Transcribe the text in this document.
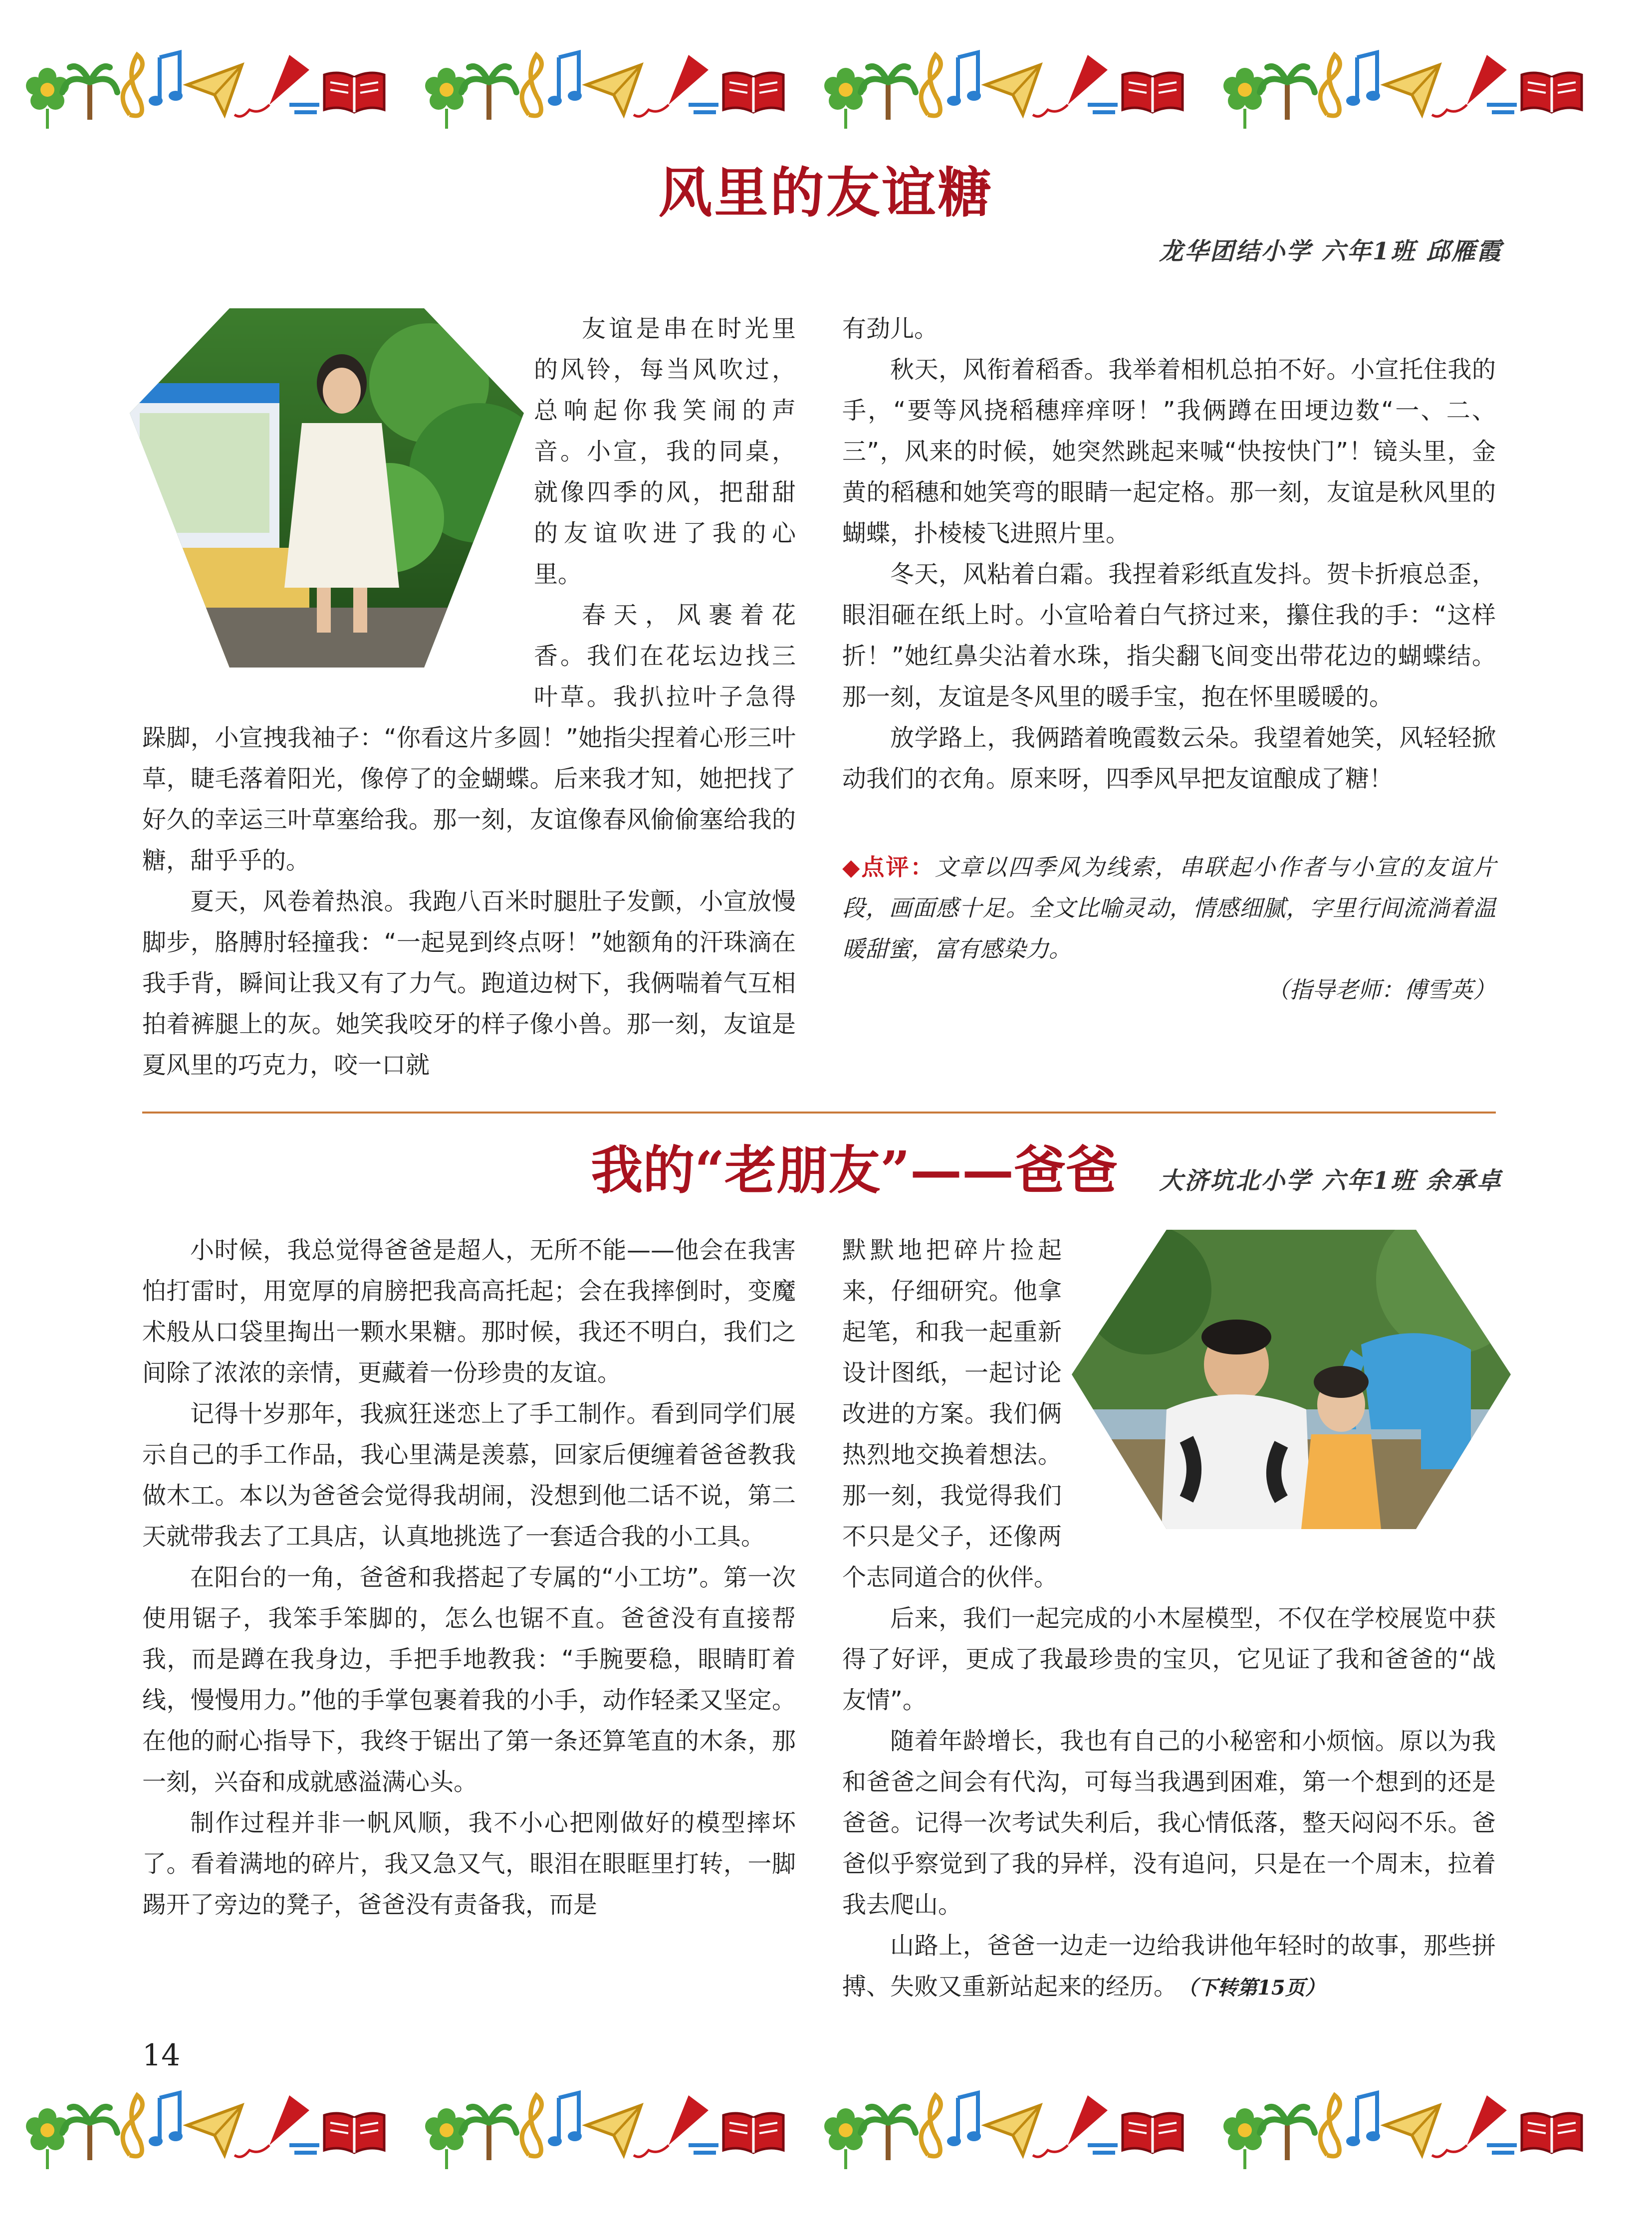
风里的友谊糖
龙华团结小学 六年1班 邱雁霞

友谊是串在时光里的风铃，每当风吹过，总响起你我笑闹的声音。小宣，我的同桌，就像四季的风，把甜甜的友谊吹进了我的心里。

春天，风裹着花香。我们在花坛边找三叶草。我扒拉叶子急得跺脚，小宣拽我袖子：“你看这片多圆！”她指尖捏着心形三叶草，睫毛落着阳光，像停了的金蝴蝶。后来我才知，她把找了好久的幸运三叶草塞给我。那一刻，友谊像春风偷偷塞给我的糖，甜乎乎的。

夏天，风卷着热浪。我跑八百米时腿肚子发颤，小宣放慢脚步，胳膊肘轻撞我：“一起晃到终点呀！”她额角的汗珠滴在我手背，瞬间让我又有了力气。跑道边树下，我俩喘着气互相拍着裤腿上的灰。她笑我咬牙的样子像小兽。那一刻，友谊是夏风里的巧克力，咬一口就

有劲儿。

秋天，风衔着稻香。我举着相机总拍不好。小宣托住我的手，“要等风挠稻穗痒痒呀！”我俩蹲在田埂边数“一、二、三”，风来的时候，她突然跳起来喊“快按快门”！镜头里，金黄的稻穗和她笑弯的眼睛一起定格。那一刻，友谊是秋风里的蝴蝶，扑棱棱飞进照片里。

冬天，风粘着白霜。我捏着彩纸直发抖。贺卡折痕总歪，眼泪砸在纸上时。小宣哈着白气挤过来，攥住我的手：“这样折！”她红鼻尖沾着水珠，指尖翻飞间变出带花边的蝴蝶结。那一刻，友谊是冬风里的暖手宝，抱在怀里暖暖的。

放学路上，我俩踏着晚霞数云朵。我望着她笑，风轻轻掀动我们的衣角。原来呀，四季风早把友谊酿成了糖！

◆点评：文章以四季风为线索，串联起小作者与小宣的友谊片段，画面感十足。全文比喻灵动，情感细腻，字里行间流淌着温暖甜蜜，富有感染力。
（指导老师：傅雪英）
我的“老朋友”——爸爸 大济坑北小学 六年1班 余承卓

小时候，我总觉得爸爸是超人，无所不能——他会在我害怕打雷时，用宽厚的肩膀把我高高托起；会在我摔倒时，变魔术般从口袋里掏出一颗水果糖。那时候，我还不明白，我们之间除了浓浓的亲情，更藏着一份珍贵的友谊。

记得十岁那年，我疯狂迷恋上了手工制作。看到同学们展示自己的手工作品，我心里满是羡慕，回家后便缠着爸爸教我做木工。本以为爸爸会觉得我胡闹，没想到他二话不说，第二天就带我去了工具店，认真地挑选了一套适合我的小工具。

在阳台的一角，爸爸和我搭起了专属的“小工坊”。第一次使用锯子，我笨手笨脚的，怎么也锯不直。爸爸没有直接帮我，而是蹲在我身边，手把手地教我：“手腕要稳，眼睛盯着线，慢慢用力。”他的手掌包裹着我的小手，动作轻柔又坚定。在他的耐心指导下，我终于锯出了第一条还算笔直的木条，那一刻，兴奋和成就感溢满心头。

制作过程并非一帆风顺，我不小心把刚做好的模型摔坏了。看着满地的碎片，我又急又气，眼泪在眼眶里打转，一脚踢开了旁边的凳子，爸爸没有责备我，而是

默默地把碎片捡起来，仔细研究。他拿起笔，和我一起重新设计图纸，一起讨论改进的方案。我们俩热烈地交换着想法。那一刻，我觉得我们不只是父子，还像两个志同道合的伙伴。

后来，我们一起完成的小木屋模型，不仅在学校展览中获得了好评，更成了我最珍贵的宝贝，它见证了我和爸爸的“战友情”。

随着年龄增长，我也有自己的小秘密和小烦恼。原以为我和爸爸之间会有代沟，可每当我遇到困难，第一个想到的还是爸爸。记得一次考试失利后，我心情低落，整天闷闷不乐。爸爸似乎察觉到了我的异样，没有追问，只是在一个周末，拉着我去爬山。

山路上，爸爸一边走一边给我讲他年轻时的故事，那些拼搏、失败又重新站起来的经历。 （下转第15页）

14
